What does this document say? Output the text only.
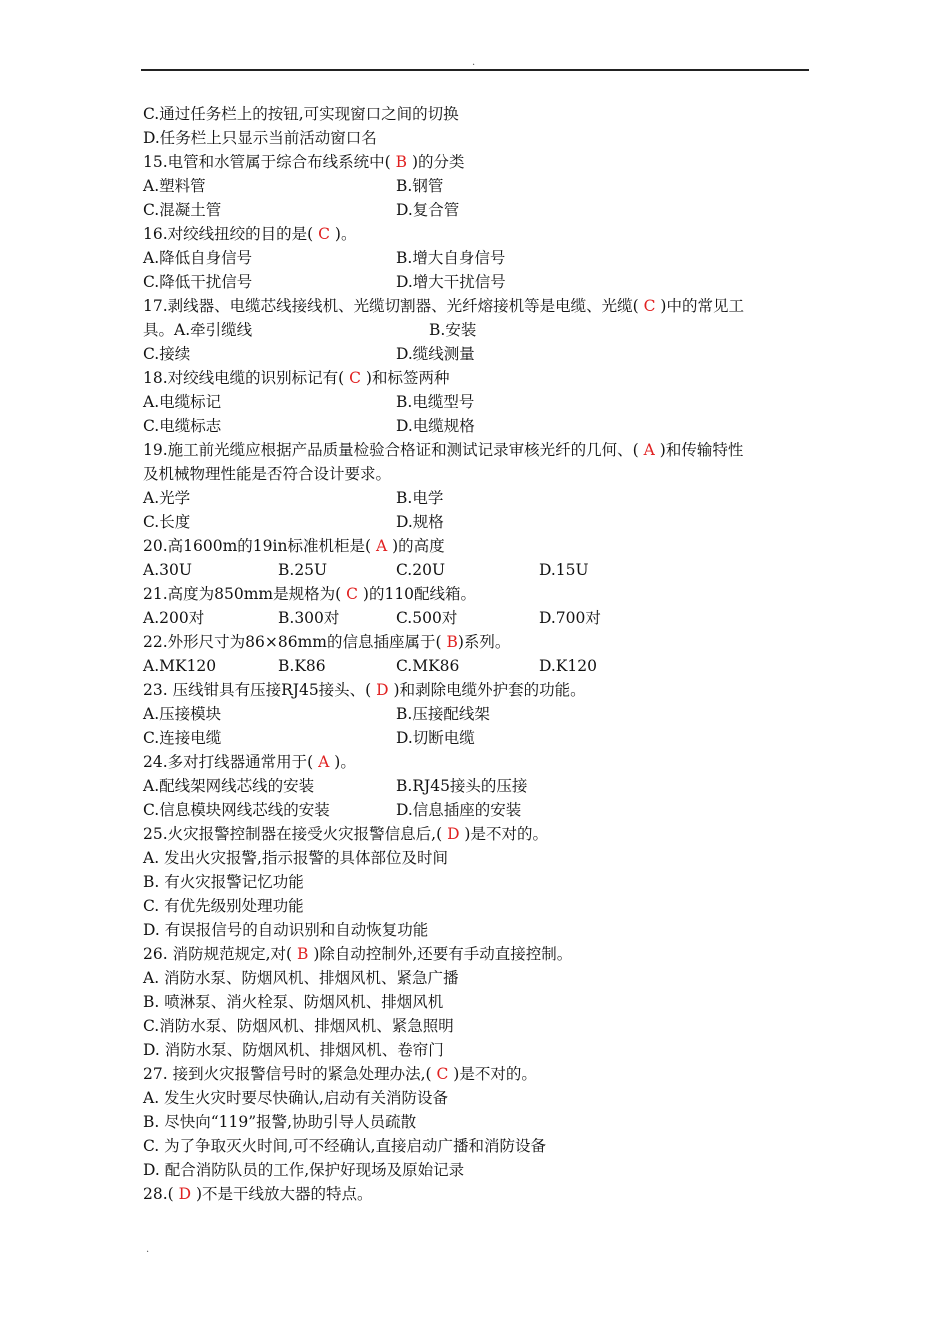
.
C.通过任务栏上的按钮,可实现窗口之间的切换
D.任务栏上只显示当前活动窗口名
15.电管和水管属于综合布线系统中( B )的分类
A.塑料管	B.钢管
C.混凝土管	D.复合管
16.对绞线扭绞的目的是( C )。
A.降低自身信号	B.增大自身信号
C.降低干扰信号	D.增大干扰信号
17.剥线器、电缆芯线接线机、光缆切割器、光纤熔接机等是电缆、光缆( C )中的常见工
具。A.牵引缆线	B.安装
C.接续	D.缆线测量
18.对绞线电缆的识别标记有( C )和标签两种
A.电缆标记	B.电缆型号
C.电缆标志	D.电缆规格
19.施工前光缆应根据产品质量检验合格证和测试记录审核光纤的几何、( A )和传输特性
及机械物理性能是否符合设计要求。
A.光学	B.电学
C.长度	D.规格
20.高1600m的19in标准机柜是( A )的高度
A.30U	B.25U	C.20U	D.15U
21.高度为850mm是规格为( C )的110配线箱。
A.200对	B.300对	C.500对	D.700对
22.外形尺寸为86×86mm的信息插座属于( B)系列。
A.MK120	B.K86	C.MK86	D.K120
23. 压线钳具有压接RJ45接头、( D )和剥除电缆外护套的功能。
A.压接模块	B.压接配线架
C.连接电缆	D.切断电缆
24.多对打线器通常用于( A )。
A.配线架网线芯线的安装	B.RJ45接头的压接
C.信息模块网线芯线的安装	D.信息插座的安装
25.火灾报警控制器在接受火灾报警信息后,( D )是不对的。
A. 发出火灾报警,指示报警的具体部位及时间
B. 有火灾报警记忆功能
C. 有优先级别处理功能
D. 有误报信号的自动识别和自动恢复功能
26. 消防规范规定,对( B )除自动控制外,还要有手动直接控制。
A. 消防水泵、防烟风机、排烟风机、紧急广播
B. 喷淋泵、消火栓泵、防烟风机、排烟风机
C.消防水泵、防烟风机、排烟风机、紧急照明
D. 消防水泵、防烟风机、排烟风机、卷帘门
27. 接到火灾报警信号时的紧急处理办法,( C )是不对的。
A. 发生火灾时要尽快确认,启动有关消防设备
B. 尽快向“119”报警,协助引导人员疏散
C. 为了争取灭火时间,可不经确认,直接启动广播和消防设备
D. 配合消防队员的工作,保护好现场及原始记录
28.( D )不是干线放大器的特点。
.
